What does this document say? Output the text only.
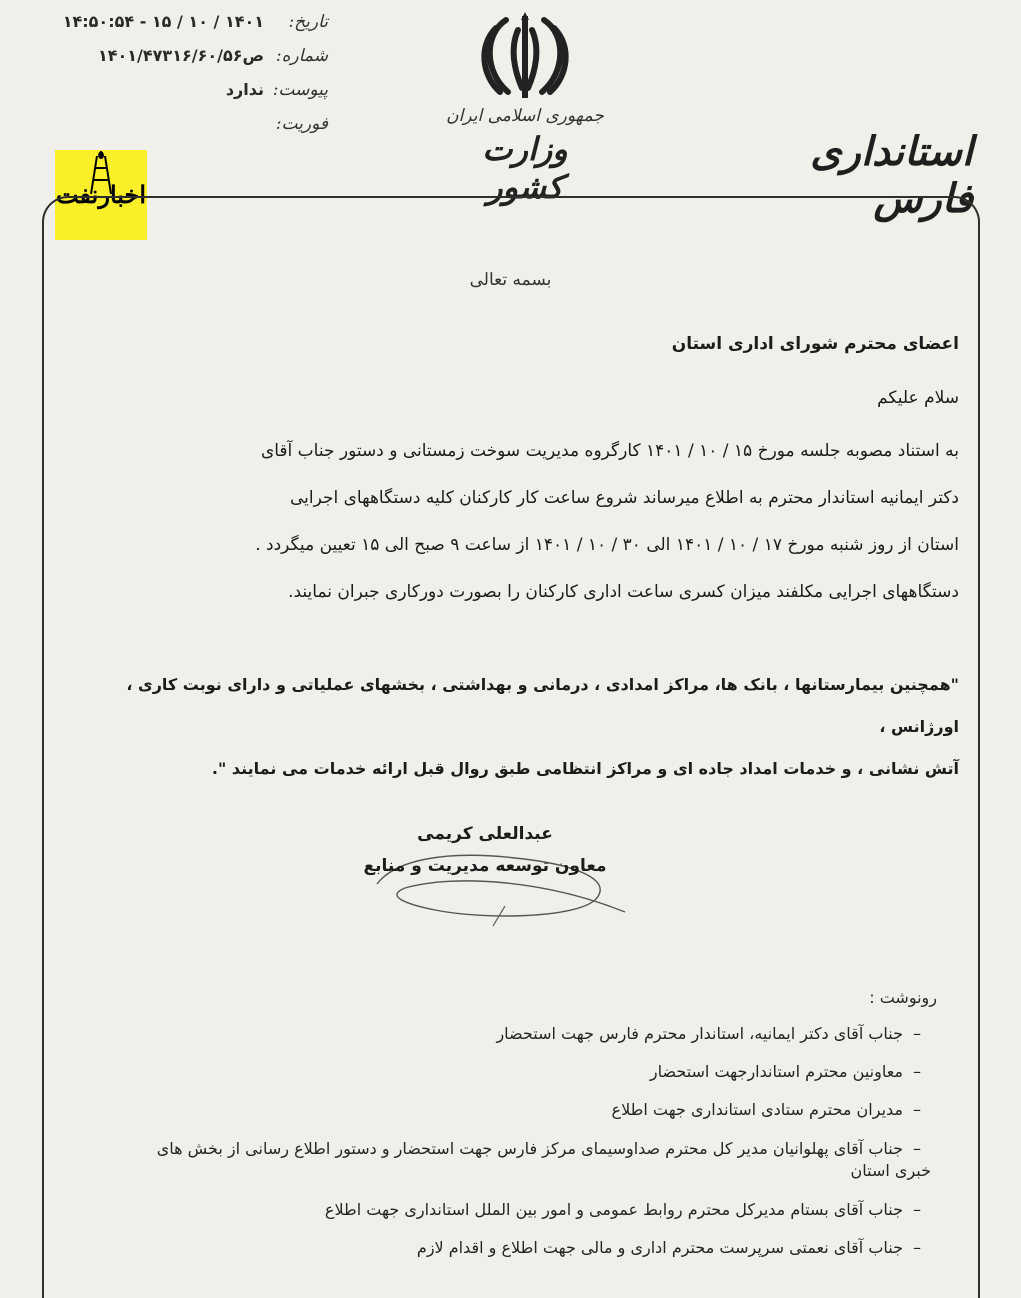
تاریخ:
۱۴۰۱ / ۱۰ / ۱۵ - ۱۴:۵۰:۵۴
شماره:
ص۱۴۰۱/۴۷۳۱۶/۶۰/۵۶
پیوست:
ندارد
فوریت:	جمهوری اسلامی ایران
وزارت کشور
استانداری فارس
اخبارنفت
بسمه تعالی
اعضای محترم شورای اداری استان
سلام علیکم

به استناد مصوبه جلسه مورخ ۱۵ / ۱۰ / ۱۴۰۱ کارگروه مدیریت سوخت زمستانی و دستور جناب آقای

دکتر ایمانیه استاندار محترم به اطلاع میرساند شروع ساعت کار کارکنان کلیه دستگاههای اجرایی

استان از روز شنبه مورخ ۱۷ / ۱۰ / ۱۴۰۱ الی ۳۰ / ۱۰ / ۱۴۰۱ از ساعت ۹ صبح الی ۱۵ تعیین میگردد .

دستگاههای اجرایی مکلفند میزان کسری ساعت اداری کارکنان را بصورت دورکاری جبران نمایند.

"همچنین بیمارستانها ، بانک ها، مراکز امدادی ، درمانی و بهداشتی ، بخشهای عملیاتی و دارای نوبت کاری ، اورژانس ،

آتش نشانی ، و خدمات امداد جاده ای و مراکز انتظامی طبق روال قبل ارائه خدمات می نمایند ".

عبدالعلی کریمی
معاون توسعه مدیریت و منابع
رونوشت :
–جناب آقای دکتر ایمانیه، استاندار محترم فارس جهت استحضار
–معاونین محترم استاندارجهت استحضار
–مدیران محترم ستادی استانداری جهت اطلاع
–جناب آقای پهلوانیان مدیر کل محترم صداوسیمای مرکز فارس جهت استحضار و دستور اطلاع رسانی از بخش های خبری استان
–جناب آقای بستام مدیرکل محترم روابط عمومی و امور بین الملل استانداری جهت اطلاع
–جناب آقای نعمتی سرپرست محترم اداری و مالی جهت اطلاع و اقدام لازم
